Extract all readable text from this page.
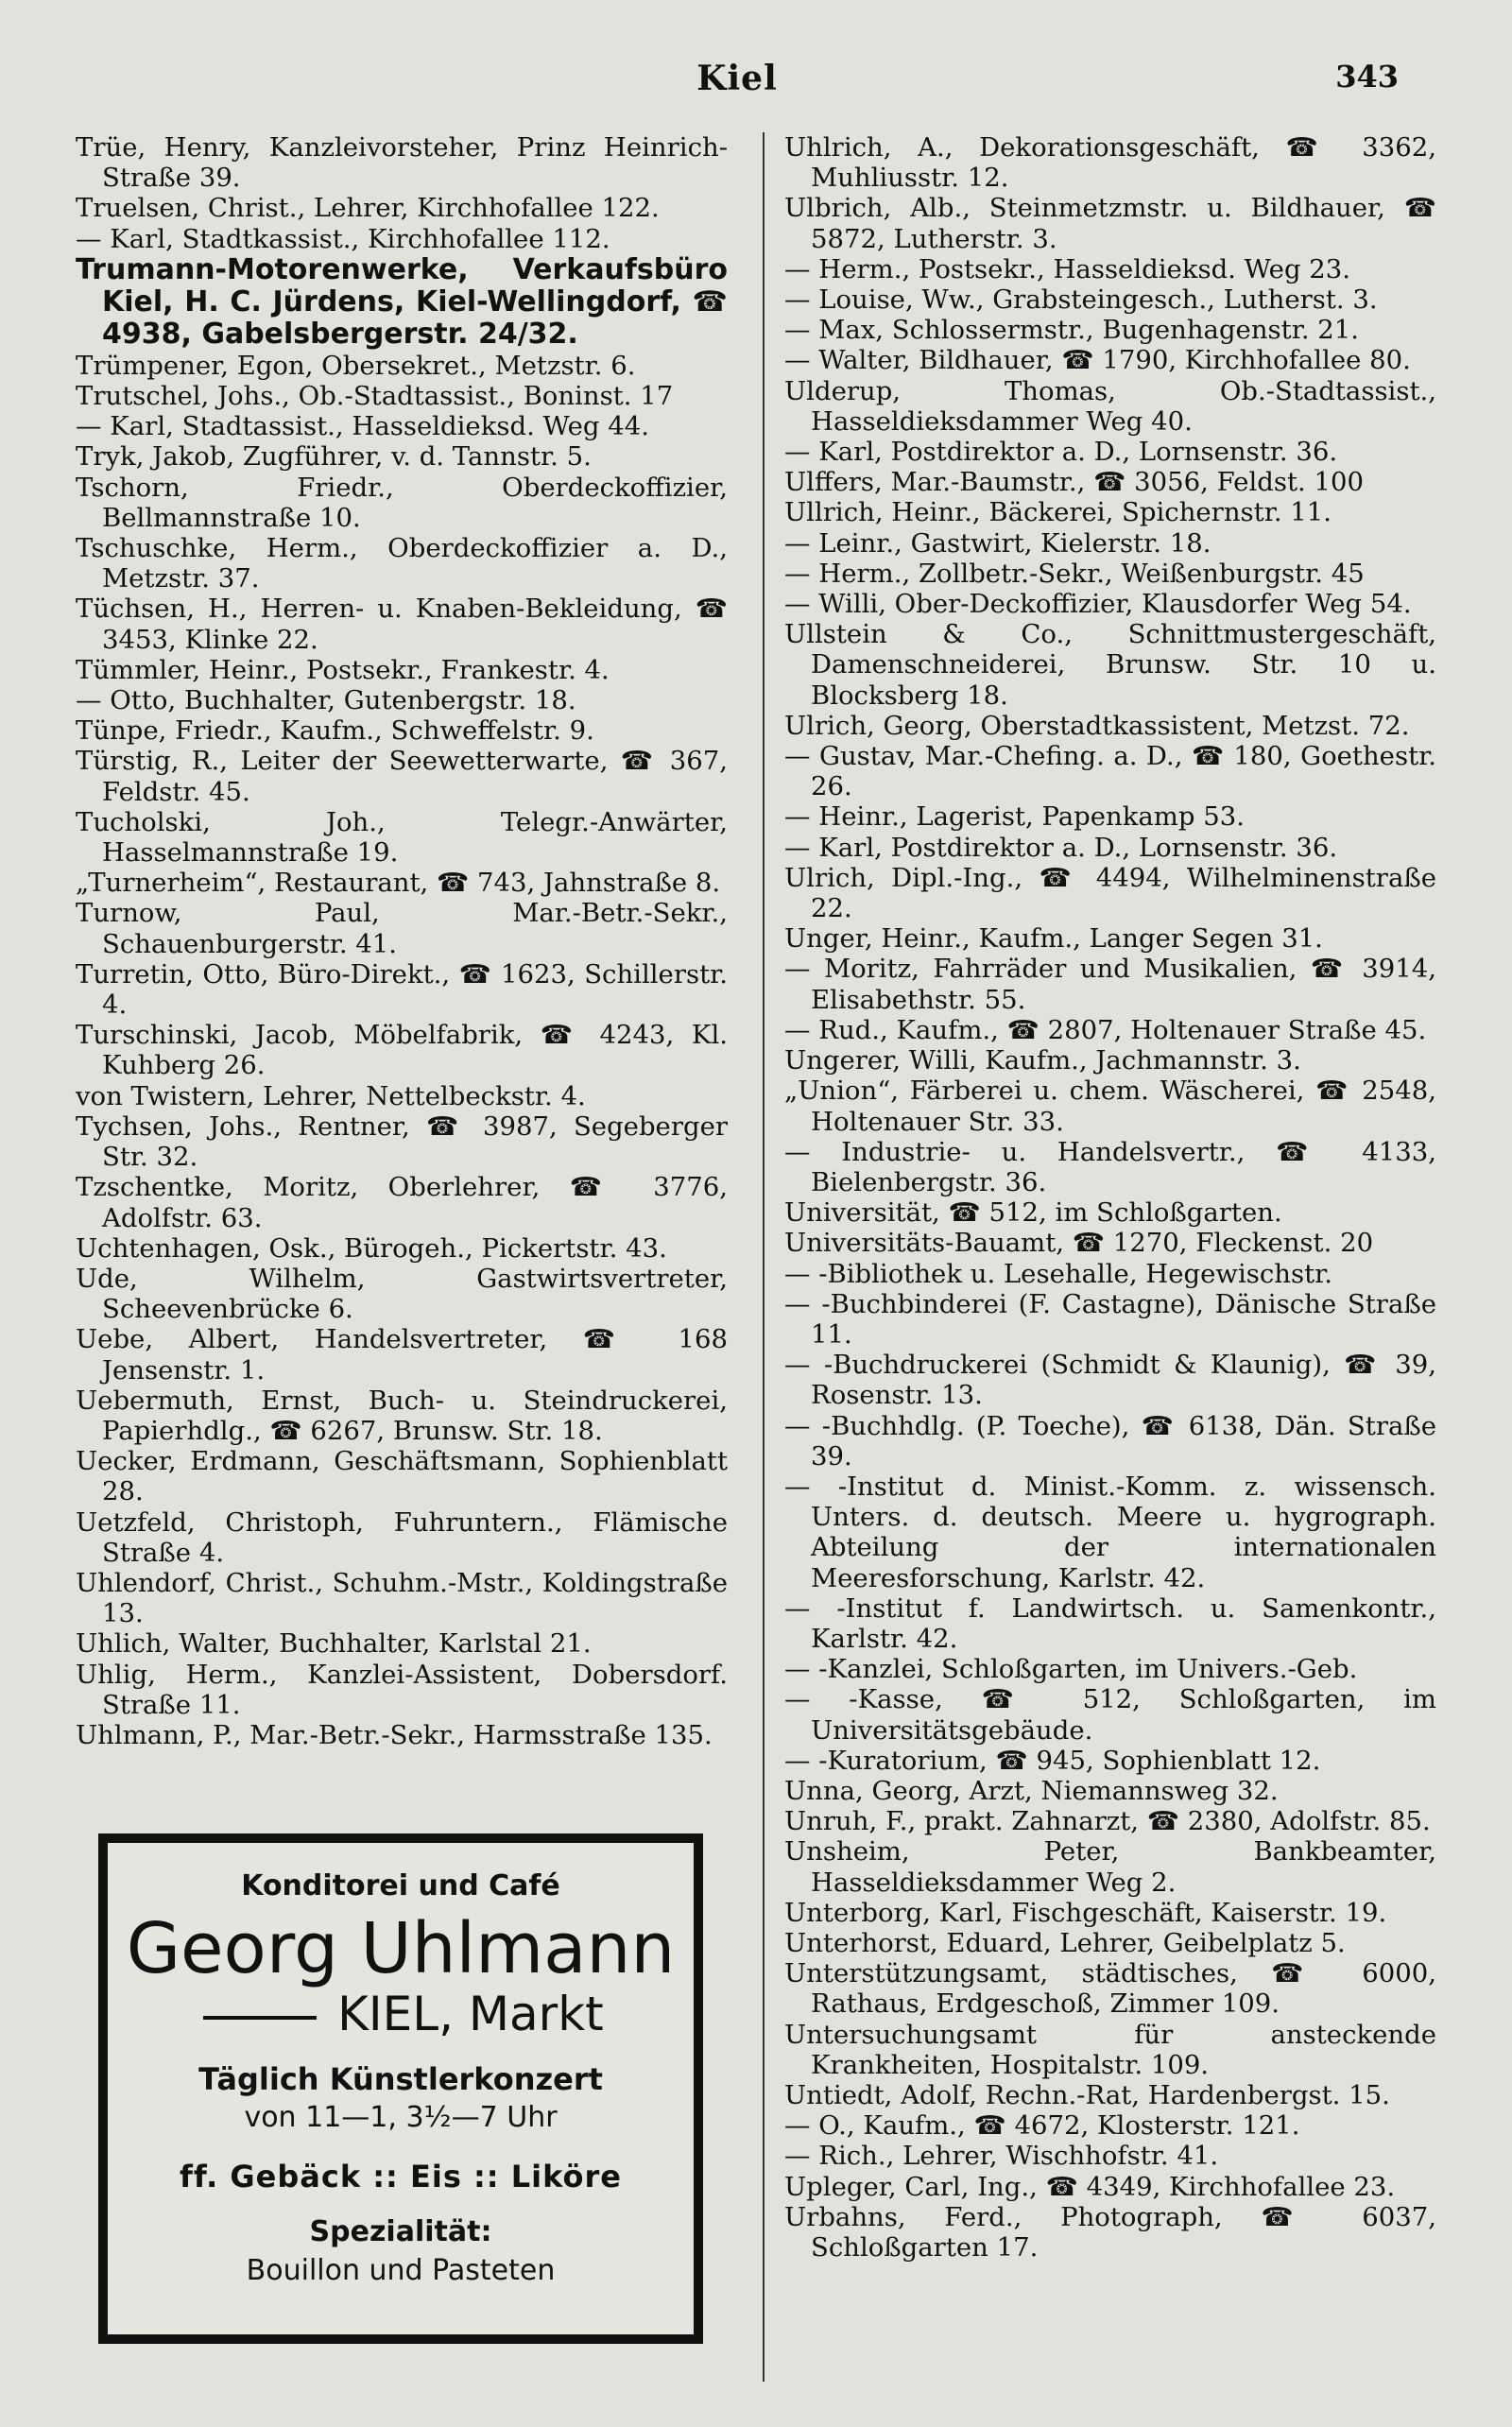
Kiel	343
Trüe, Henry, Kanzleivorsteher, Prinz Heinrich-Straße 39.
Truelsen, Christ., Lehrer, Kirchhofallee 122.
— Karl, Stadtkassist., Kirchhofallee 112.
Trumann-Motorenwerke, Verkaufsbüro Kiel, H. C. Jürdens, Kiel-Wellingdorf, ☎ 4938, Gabelsbergerstr. 24/32.
Trümpener, Egon, Obersekret., Metzstr. 6.
Trutschel, Johs., Ob.-Stadtassist., Boninst. 17
— Karl, Stadtassist., Hasseldieksd. Weg 44.
Tryk, Jakob, Zugführer, v. d. Tannstr. 5.
Tschorn, Friedr., Oberdeckoffizier, Bellmannstraße 10.
Tschuschke, Herm., Oberdeckoffizier a. D., Metzstr. 37.
Tüchsen, H., Herren- u. Knaben-Bekleidung, ☎ 3453, Klinke 22.
Tümmler, Heinr., Postsekr., Frankestr. 4.
— Otto, Buchhalter, Gutenbergstr. 18.
Tünpe, Friedr., Kaufm., Schweffelstr. 9.
Türstig, R., Leiter der Seewetterwarte, ☎ 367, Feldstr. 45.
Tucholski, Joh., Telegr.-Anwärter, Hasselmannstraße 19.
„Turnerheim“, Restaurant, ☎ 743, Jahnstraße 8.
Turnow, Paul, Mar.-Betr.-Sekr., Schauenburgerstr. 41.
Turretin, Otto, Büro-Direkt., ☎ 1623, Schillerstr. 4.
Turschinski, Jacob, Möbelfabrik, ☎ 4243, Kl. Kuhberg 26.
von Twistern, Lehrer, Nettelbeckstr. 4.
Tychsen, Johs., Rentner, ☎ 3987, Segeberger Str. 32.
Tzschentke, Moritz, Oberlehrer, ☎ 3776, Adolfstr. 63.
Uchtenhagen, Osk., Bürogeh., Pickertstr. 43.
Ude, Wilhelm, Gastwirtsvertreter, Scheevenbrücke 6.
Uebe, Albert, Handelsvertreter, ☎ 168 Jensenstr. 1.
Uebermuth, Ernst, Buch- u. Steindruckerei, Papierhdlg., ☎ 6267, Brunsw. Str. 18.
Uecker, Erdmann, Geschäftsmann, Sophienblatt 28.
Uetzfeld, Christoph, Fuhruntern., Flämische Straße 4.
Uhlendorf, Christ., Schuhm.-Mstr., Koldingstraße 13.
Uhlich, Walter, Buchhalter, Karlstal 21.
Uhlig, Herm., Kanzlei-Assistent, Dobersdorf. Straße 11.
Uhlmann, P., Mar.-Betr.-Sekr., Harmsstraße 135.
Uhlrich, A., Dekorationsgeschäft, ☎ 3362, Muhliusstr. 12.
Ulbrich, Alb., Steinmetzmstr. u. Bildhauer, ☎ 5872, Lutherstr. 3.
— Herm., Postsekr., Hasseldieksd. Weg 23.
— Louise, Ww., Grabsteingesch., Lutherst. 3.
— Max, Schlossermstr., Bugenhagenstr. 21.
— Walter, Bildhauer, ☎ 1790, Kirchhofallee 80.
Ulderup, Thomas, Ob.-Stadtassist., Hasseldieksdammer Weg 40.
— Karl, Postdirektor a. D., Lornsenstr. 36.
Ulffers, Mar.-Baumstr., ☎ 3056, Feldst. 100
Ullrich, Heinr., Bäckerei, Spichernstr. 11.
— Leinr., Gastwirt, Kielerstr. 18.
— Herm., Zollbetr.-Sekr., Weißenburgstr. 45
— Willi, Ober-Deckoffizier, Klausdorfer Weg 54.
Ullstein & Co., Schnittmustergeschäft, Damenschneiderei, Brunsw. Str. 10 u. Blocksberg 18.
Ulrich, Georg, Oberstadtkassistent, Metzst. 72.
— Gustav, Mar.-Chefing. a. D., ☎ 180, Goethestr. 26.
— Heinr., Lagerist, Papenkamp 53.
— Karl, Postdirektor a. D., Lornsenstr. 36.
Ulrich, Dipl.-Ing., ☎ 4494, Wilhelminenstraße 22.
Unger, Heinr., Kaufm., Langer Segen 31.
— Moritz, Fahrräder und Musikalien, ☎ 3914, Elisabethstr. 55.
— Rud., Kaufm., ☎ 2807, Holtenauer Straße 45.
Ungerer, Willi, Kaufm., Jachmannstr. 3.
„Union“, Färberei u. chem. Wäscherei, ☎ 2548, Holtenauer Str. 33.
— Industrie- u. Handelsvertr., ☎ 4133, Bielenbergstr. 36.
Universität, ☎ 512, im Schloßgarten.
Universitäts-Bauamt, ☎ 1270, Fleckenst. 20
— -Bibliothek u. Lesehalle, Hegewischstr.
— -Buchbinderei (F. Castagne), Dänische Straße 11.
— -Buchdruckerei (Schmidt & Klaunig), ☎ 39, Rosenstr. 13.
— -Buchhdlg. (P. Toeche), ☎ 6138, Dän. Straße 39.
— -Institut d. Minist.-Komm. z. wissensch. Unters. d. deutsch. Meere u. hygrograph. Abteilung der internationalen Meeresforschung, Karlstr. 42.
— -Institut f. Landwirtsch. u. Samenkontr., Karlstr. 42.
— -Kanzlei, Schloßgarten, im Univers.-Geb.
— -Kasse, ☎ 512, Schloßgarten, im Universitätsgebäude.
— -Kuratorium, ☎ 945, Sophienblatt 12.
Unna, Georg, Arzt, Niemannsweg 32.
Unruh, F., prakt. Zahnarzt, ☎ 2380, Adolfstr. 85.
Unsheim, Peter, Bankbeamter, Hasseldieksdammer Weg 2.
Unterborg, Karl, Fischgeschäft, Kaiserstr. 19.
Unterhorst, Eduard, Lehrer, Geibelplatz 5.
Unterstützungsamt, städtisches, ☎ 6000, Rathaus, Erdgeschoß, Zimmer 109.
Untersuchungsamt für ansteckende Krankheiten, Hospitalstr. 109.
Untiedt, Adolf, Rechn.-Rat, Hardenbergst. 15.
— O., Kaufm., ☎ 4672, Klosterstr. 121.
— Rich., Lehrer, Wischhofstr. 41.
Upleger, Carl, Ing., ☎ 4349, Kirchhofallee 23.
Urbahns, Ferd., Photograph, ☎ 6037, Schloßgarten 17.
Konditorei und Café
Georg Uhlmann
KIEL, Markt
Täglich Künstlerkonzert
von 11—1, 3½—7 Uhr
ff. Gebäck :: Eis :: Liköre
Spezialität:
Bouillon und Pasteten
